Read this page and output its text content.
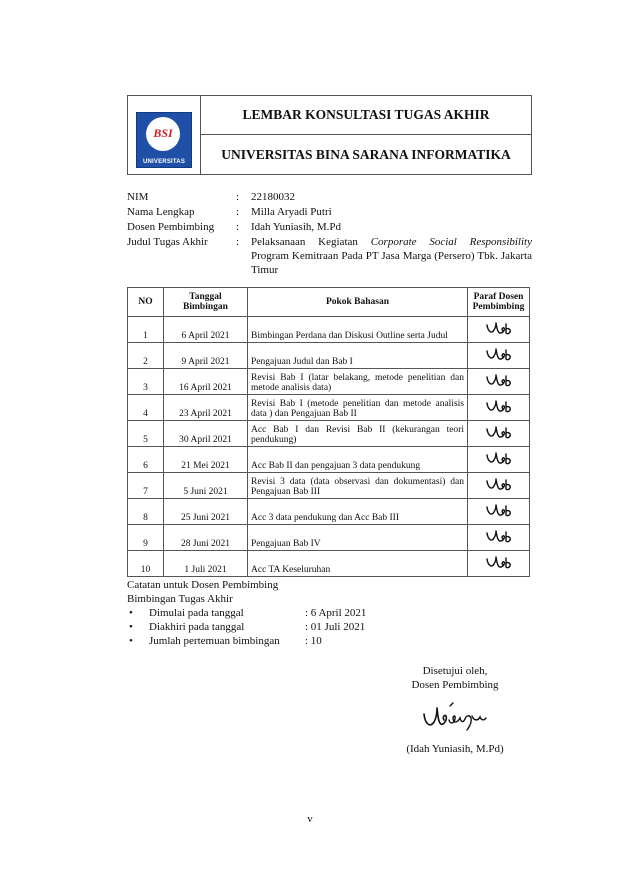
BSI
UNIVERSITAS
LEMBAR KONSULTASI TUGAS AKHIR
UNIVERSITAS BINA SARANA INFORMATIKA
NIM	: 22180032
Nama Lengkap	: Milla Aryadi Putri
Dosen Pembimbing : Idah Yuniasih, M.Pd
Judul Tugas Akhir	: Pelaksanaan Kegiatan Corporate Social Responsibility Program Kemitraan Pada PT Jasa Marga (Persero) Tbk. Jakarta Timur
NO	Tanggal Bimbingan	Pokok Bahasan	Paraf Dosen Pembimbing
1	6 April 2021	Bimbingan Perdana dan Diskusi Outline serta Judul	
2	9 April 2021	Pengajuan Judul dan Bab I	
3	16 April 2021	Revisi Bab I (latar belakang, metode penelitian dan metode analisis data)	
4	23 April 2021	Revisi Bab I (metode penelitian dan metode analisis data ) dan Pengajuan Bab II	
5	30 April 2021	Acc Bab I dan Revisi Bab II (kekurangan teori pendukung)	
6	21 Mei 2021	Acc Bab II dan pengajuan 3 data pendukung	
7	5 Juni 2021	Revisi 3 data (data observasi dan dokumentasi) dan Pengajuan Bab III	
8	25 Juni 2021	Acc 3 data pendukung dan Acc Bab III	
9	28 Juni 2021	Pengajuan Bab IV	
10	1 Juli 2021	Acc TA Keseluruhan	
Catatan untuk Dosen Pembimbing
Bimbingan Tugas Akhir
• Dimulai pada tanggal	: 6 April 2021
• Diakhiri pada tanggal	: 01 Juli 2021
• Jumlah pertemuan bimbingan : 10
Disetujui oleh,
Dosen Pembimbing
(Idah Yuniasih, M.Pd)
v
